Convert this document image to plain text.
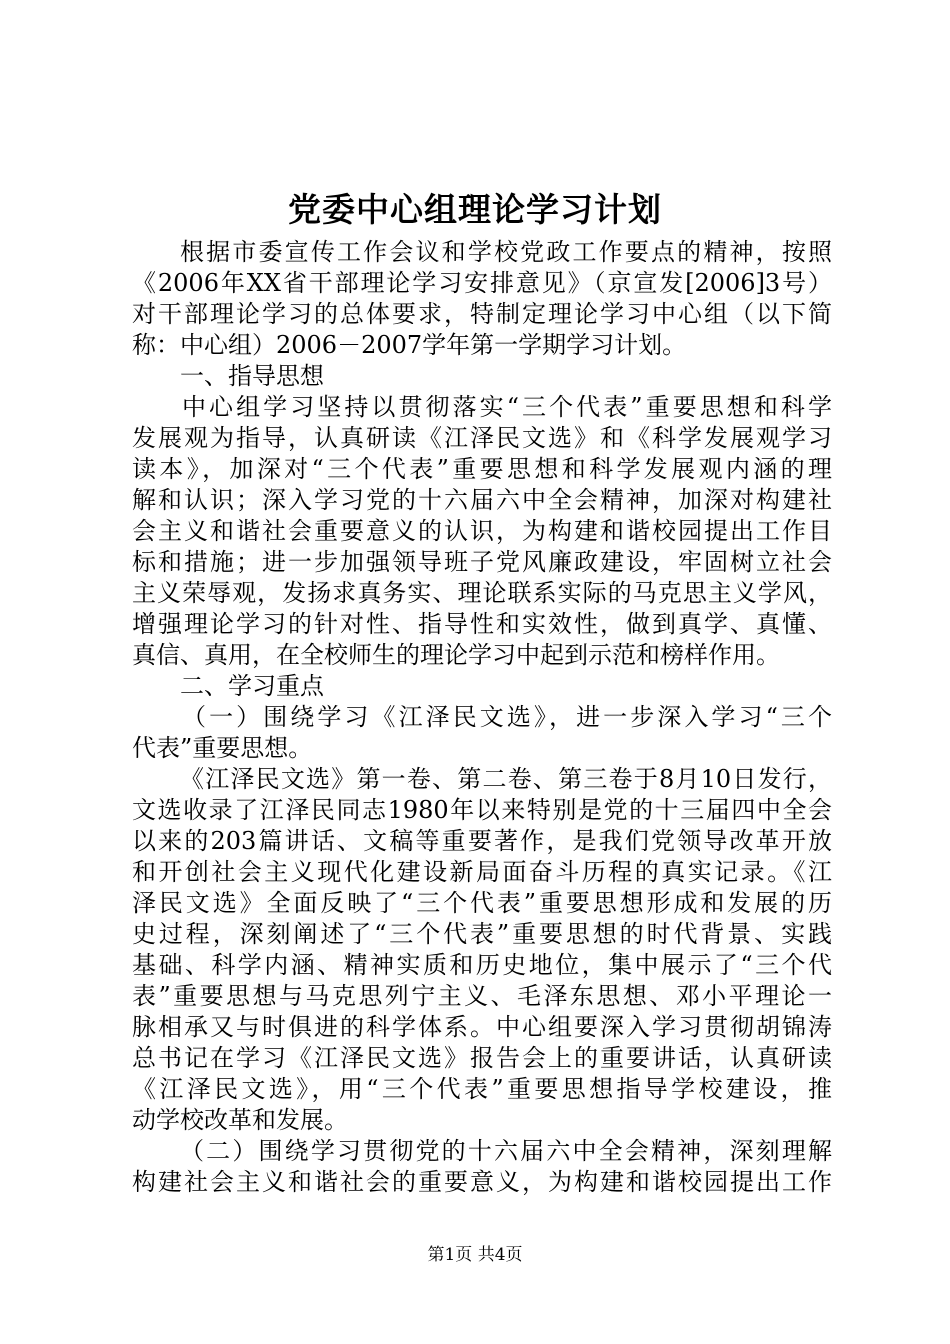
党委中心组理论学习计划
根据市委宣传工作会议和学校党政工作要点的精神，按照
《2006年XX省干部理论学习安排意见》（京宣发[2006]3号）
对干部理论学习的总体要求，特制定理论学习中心组（以下简
称：中心组）2006－2007学年第一学期学习计划。
一、指导思想
中心组学习坚持以贯彻落实“三个代表”重要思想和科学
发展观为指导，认真研读《江泽民文选》和《科学发展观学习
读本》，加深对“三个代表”重要思想和科学发展观内涵的理
解和认识；深入学习党的十六届六中全会精神，加深对构建社
会主义和谐社会重要意义的认识，为构建和谐校园提出工作目
标和措施；进一步加强领导班子党风廉政建设，牢固树立社会
主义荣辱观，发扬求真务实、理论联系实际的马克思主义学风，
增强理论学习的针对性、指导性和实效性，做到真学、真懂、
真信、真用，在全校师生的理论学习中起到示范和榜样作用。
二、学习重点
（一）围绕学习《江泽民文选》，进一步深入学习“三个
代表”重要思想。
《江泽民文选》第一卷、第二卷、第三卷于8月10日发行，
文选收录了江泽民同志1980年以来特别是党的十三届四中全会
以来的203篇讲话、文稿等重要著作，是我们党领导改革开放
和开创社会主义现代化建设新局面奋斗历程的真实记录。《江
泽民文选》全面反映了“三个代表”重要思想形成和发展的历
史过程，深刻阐述了“三个代表”重要思想的时代背景、实践
基础、科学内涵、精神实质和历史地位，集中展示了“三个代
表”重要思想与马克思列宁主义、毛泽东思想、邓小平理论一
脉相承又与时俱进的科学体系。中心组要深入学习贯彻胡锦涛
总书记在学习《江泽民文选》报告会上的重要讲话，认真研读
《江泽民文选》，用“三个代表”重要思想指导学校建设，推
动学校改革和发展。
（二）围绕学习贯彻党的十六届六中全会精神，深刻理解
构建社会主义和谐社会的重要意义，为构建和谐校园提出工作
第1页 共4页
